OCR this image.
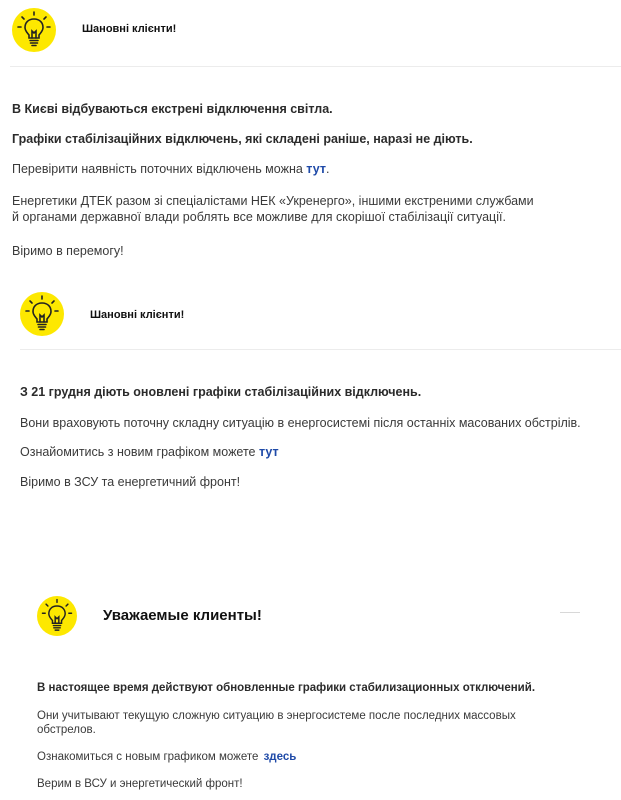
Шановні клієнти!
В Києві відбуваються екстрені відключення світла.
Графіки стабілізаційних відключень, які складені раніше, наразі не діють.
Перевірити наявність поточних відключень можна тут.
Енергетики ДТЕК разом зі спеціалістами НЕК «Укренерго», іншими екстреними службами
й органами державної влади роблять все можливе для скорішої стабілізації ситуації.
Віримо в перемогу!
Шановні клієнти!
З 21 грудня діють оновлені графіки стабілізаційних відключень.
Вони враховують поточну складну ситуацію в енергосистемі після останніх масованих обстрілів.
Ознайомитись з новим графіком можете тут
Віримо в ЗСУ та енергетичний фронт!
Уважаемые клиенты!
В настоящее время действуют обновленные графики стабилизационных отключений.
Они учитывают текущую сложную ситуацию в энергосистеме после последних массовых
обстрелов.
Ознакомиться с новым графиком можете здесь
Верим в ВСУ и энергетический фронт!
